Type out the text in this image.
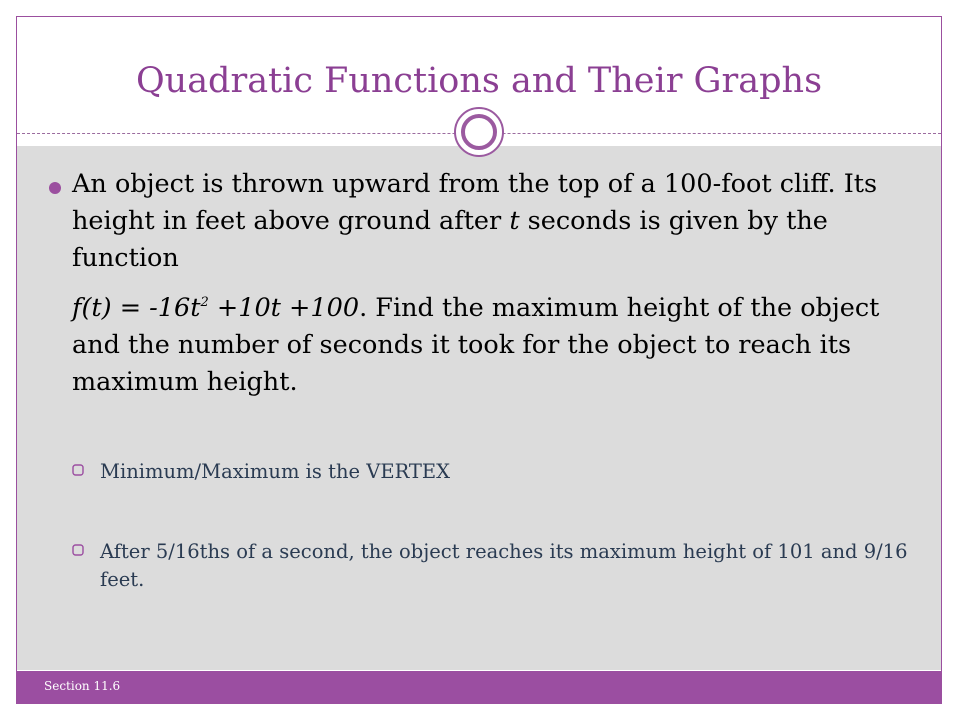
Quadratic Functions and Their Graphs

An object is thrown upward from the top of a 100-foot cliff. Its height in feet above ground after t seconds is given by the function

$f(t) = -16t^2 +10t +100$. Find the maximum height of the object and the number of seconds it took for the object to reach its maximum height.

Minimum/Maximum is the VERTEX
After 5/16ths of a second, the object reaches its maximum height of 101 and 9/16 feet.
Section 11.6
